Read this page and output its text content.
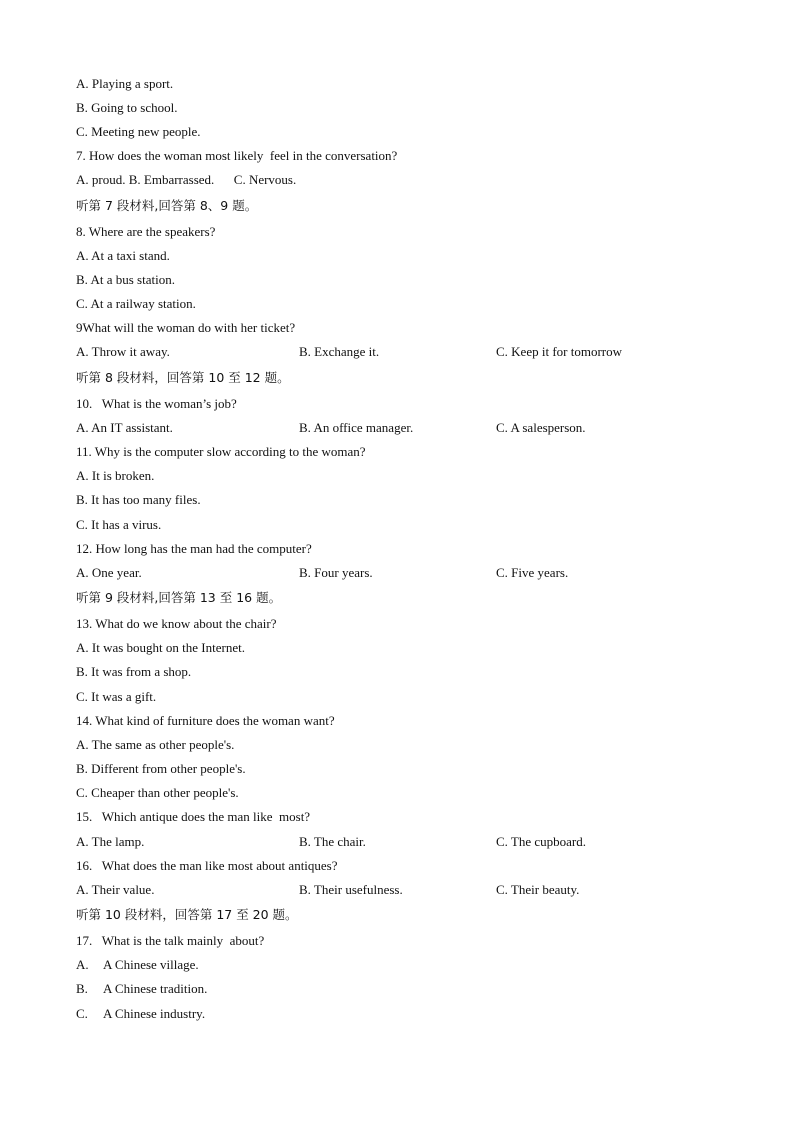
A. Playing a sport.
B. Going to school.
C. Meeting new people.
7. How does the woman most likely  feel in the conversation?
A. proud. B. Embarrassed.      C. Nervous.
听第 7 段材料,回答第 8、9 题。
8. Where are the speakers?
A. At a taxi stand.
B. At a bus station.
C. At a railway station.
9What will the woman do with her ticket?
A. Throw it away.	B. Exchange it.	C. Keep it for tomorrow
听第 8 段材料，回答第 10 至 12 题。
10.   What is the woman’s job?
A. An IT assistant.	B. An office manager.	C. A salesperson.
11. Why is the computer slow according to the woman?
A. It is broken.
B. It has too many files.
C. It has a virus.
12. How long has the man had the computer?
A. One year.	B. Four years.	C. Five years.
听第 9 段材料,回答第 13 至 16 题。
13. What do we know about the chair?
A. It was bought on the Internet.
B. It was from a shop.
C. It was a gift.
14. What kind of furniture does the woman want?
A. The same as other people's.
B. Different from other people's.
C. Cheaper than other people's.
15.   Which antique does the man like  most?
A. The lamp.	B. The chair.	C. The cupboard.
16.   What does the man like most about antiques?
A. Their value.	B. Their usefulness.	C. Their beauty.
听第 10 段材料，回答第 17 至 20 题。
17.   What is the talk mainly  about?
A. A Chinese village.
B. A Chinese tradition.
C. A Chinese industry.
